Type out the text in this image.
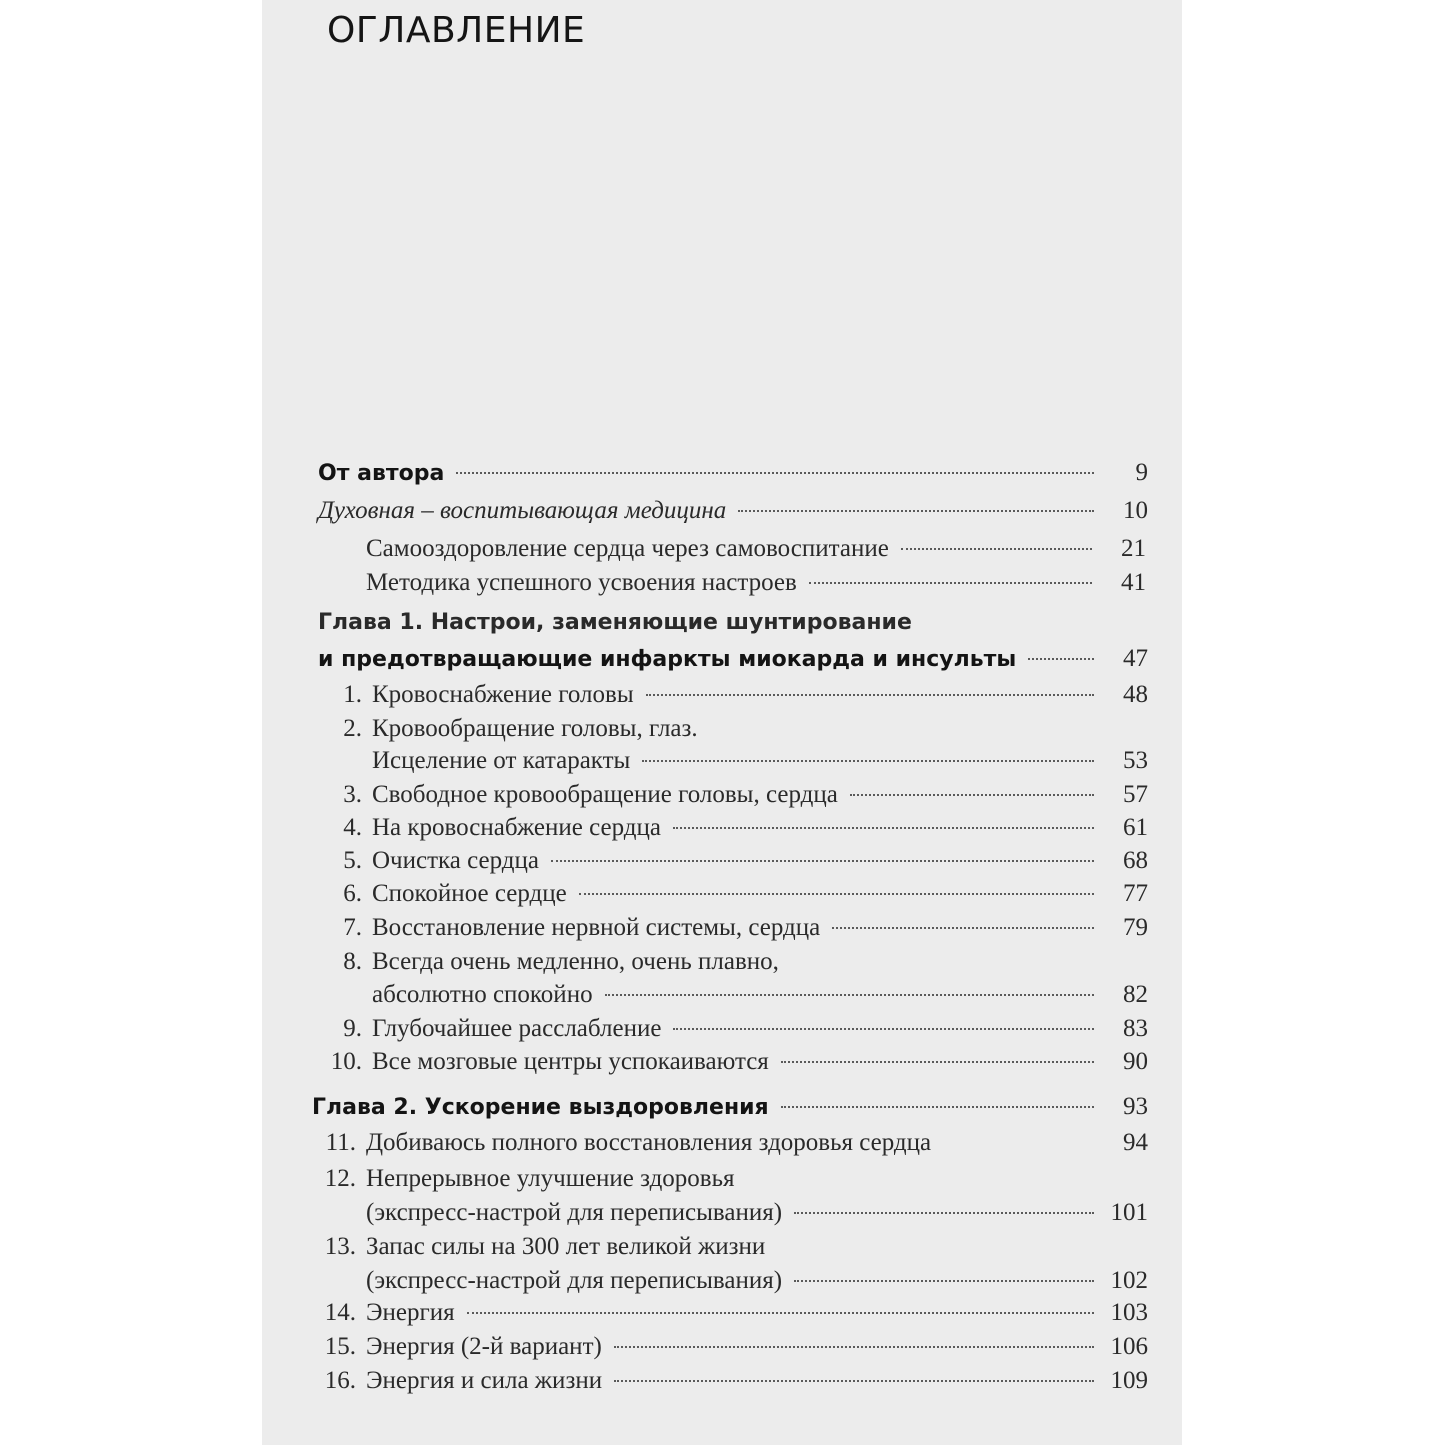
ОГЛАВЛЕНИЕ
От автора	9
Духовная – воспитывающая медицина	10
Самооздоровление сердца через самовоспитание	21
Методика успешного усвоения настроев	41
Глава 1. Настрои, заменяющие шунтирование
и предотвращающие инфаркты миокарда и инсульты	47
1. Кровоснабжение головы	48
2. Кровообращение головы, глаз.
Исцеление от катаракты	53
3. Свободное кровообращение головы, сердца	57
4. На кровоснабжение сердца	61
5. Очистка сердца	68
6. Спокойное сердце	77
7. Восстановление нервной системы, сердца	79
8. Всегда очень медленно, очень плавно,
абсолютно спокойно	82
9. Глубочайшее расслабление	83
10. Все мозговые центры успокаиваются	90
Глава 2. Ускорение выздоровления	93
11. Добиваюсь полного восстановления здоровья сердца	94
12. Непрерывное улучшение здоровья
(экспресс-настрой для переписывания)	101
13. Запас силы на 300 лет великой жизни
(экспресс-настрой для переписывания)	102
14. Энергия	103
15. Энергия (2-й вариант)	106
16. Энергия и сила жизни	109
